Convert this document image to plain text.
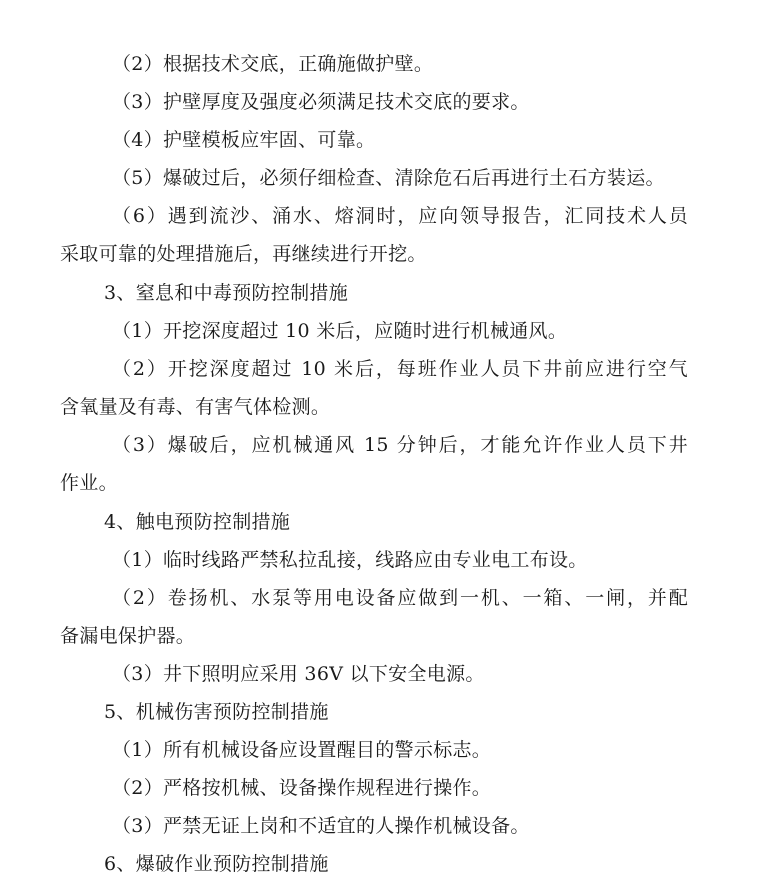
（2）根据技术交底，正确施做护壁。
（3）护壁厚度及强度必须满足技术交底的要求。
（4）护壁模板应牢固、可靠。
（5）爆破过后，必须仔细检查、清除危石后再进行土石方装运。
（6）遇到流沙、涌水、熔洞时，应向领导报告，汇同技术人员
采取可靠的处理措施后，再继续进行开挖。
3、窒息和中毒预防控制措施
（1）开挖深度超过 10 米后，应随时进行机械通风。
（2）开挖深度超过 10 米后，每班作业人员下井前应进行空气
含氧量及有毒、有害气体检测。
（3）爆破后，应机械通风 15 分钟后，才能允许作业人员下井
作业。
4、触电预防控制措施
（1）临时线路严禁私拉乱接，线路应由专业电工布设。
（2）卷扬机、水泵等用电设备应做到一机、一箱、一闸，并配
备漏电保护器。
（3）井下照明应采用 36V 以下安全电源。
5、机械伤害预防控制措施
（1）所有机械设备应设置醒目的警示标志。
（2）严格按机械、设备操作规程进行操作。
（3）严禁无证上岗和不适宜的人操作机械设备。
6、爆破作业预防控制措施
